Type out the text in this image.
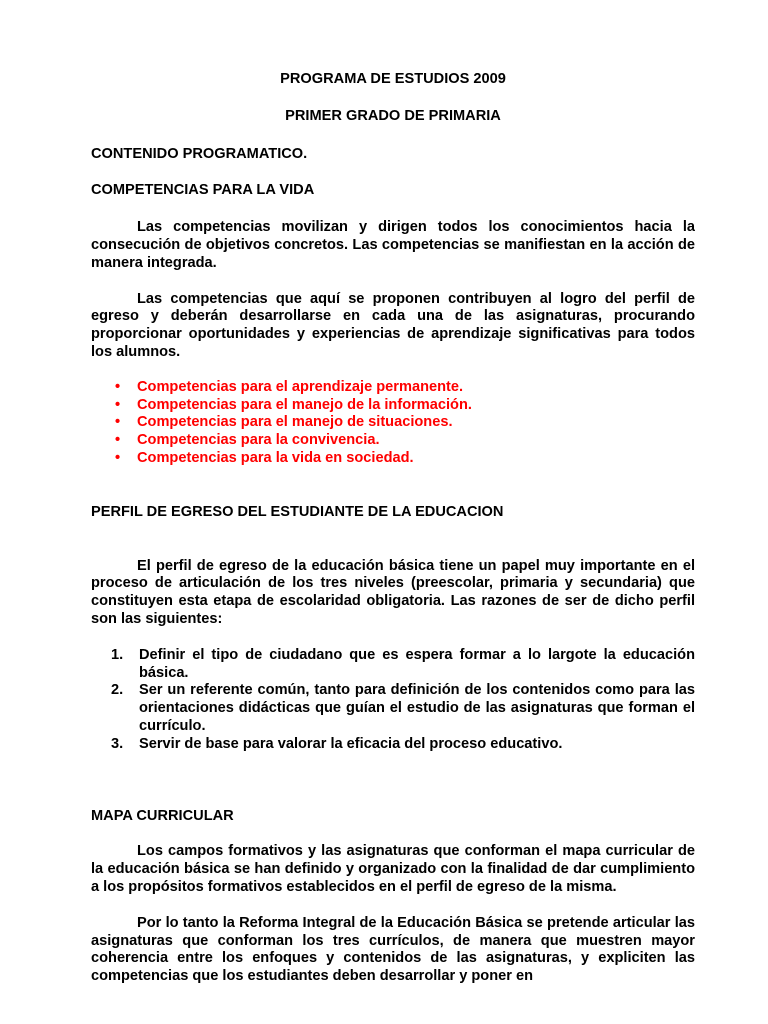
PROGRAMA DE ESTUDIOS 2009

PRIMER GRADO DE PRIMARIA

CONTENIDO PROGRAMATICO.

COMPETENCIAS PARA LA VIDA

Las competencias movilizan y dirigen todos los conocimientos hacia la consecución de objetivos concretos. Las competencias se manifiestan en la acción de manera integrada.

Las competencias que aquí se proponen contribuyen al logro del perfil de egreso y deberán desarrollarse en cada una de las asignaturas, procurando proporcionar oportunidades y experiencias de aprendizaje significativas para todos los alumnos.

• Competencias para el aprendizaje permanente.
• Competencias para el manejo de la información.
• Competencias para el manejo de situaciones.
• Competencias para la convivencia.
• Competencias para la vida en sociedad.

PERFIL DE EGRESO DEL ESTUDIANTE DE LA EDUCACION

El perfil de egreso de la educación básica tiene un papel muy importante en el proceso de articulación de los tres niveles (preescolar, primaria y secundaria) que constituyen esta etapa de escolaridad obligatoria. Las razones de ser de dicho perfil son las siguientes:

1. Definir el tipo de ciudadano que es espera formar a lo largote la educación básica.
2. Ser un referente común, tanto para definición de los contenidos como para las orientaciones didácticas que guían el estudio de las asignaturas que forman el currículo.
3. Servir de base para valorar la eficacia del proceso educativo.

MAPA CURRICULAR

Los campos formativos y las asignaturas que conforman el mapa curricular de la educación básica se han definido y organizado con la finalidad de dar cumplimiento a los propósitos formativos establecidos en el perfil de egreso de la misma.

Por lo tanto la Reforma Integral de la Educación Básica se pretende articular las asignaturas que conforman los tres currículos, de manera que muestren mayor coherencia entre los enfoques y contenidos de las asignaturas, y expliciten las competencias que los estudiantes deben desarrollar y poner en
